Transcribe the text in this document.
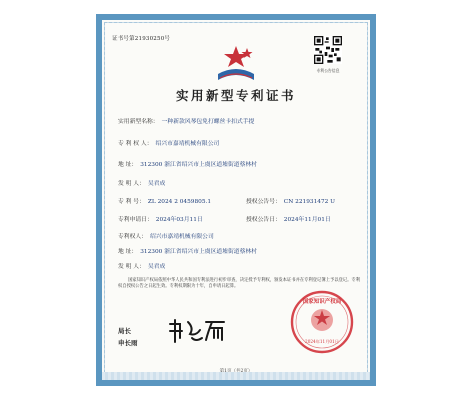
证书号第21930250号
专利公告信息
实用新型专利证书
实用新型名称： 一种新款风琴包免打螺丝卡扣式手提
专 利 权 人： 绍兴市嘉靖机械有限公司
地 址： 312300 浙江省绍兴市上虞区道墟街道蔡林村
发 明 人： 吴君成
专 利 号： ZL 2024 2 0459805.1	授权公告号： CN 221931472 U
专利申请日： 2024年03月11日	授权公告日： 2024年11月01日
专利权人： 绍兴市嘉靖机械有限公司
地 址： 312300 浙江省绍兴市上虞区道墟街道蔡林村
发 明 人： 吴君成
国家知识产权局依照中华人民共和国专利法进行初步审查，决定授予专利权，颁发本证书并在专利登记簿上予以登记。专利权自授权公告之日起生效。专利权期限为十年，自申请日起算。
局长
申长雨
国家知识产权局
2024年11月01日
